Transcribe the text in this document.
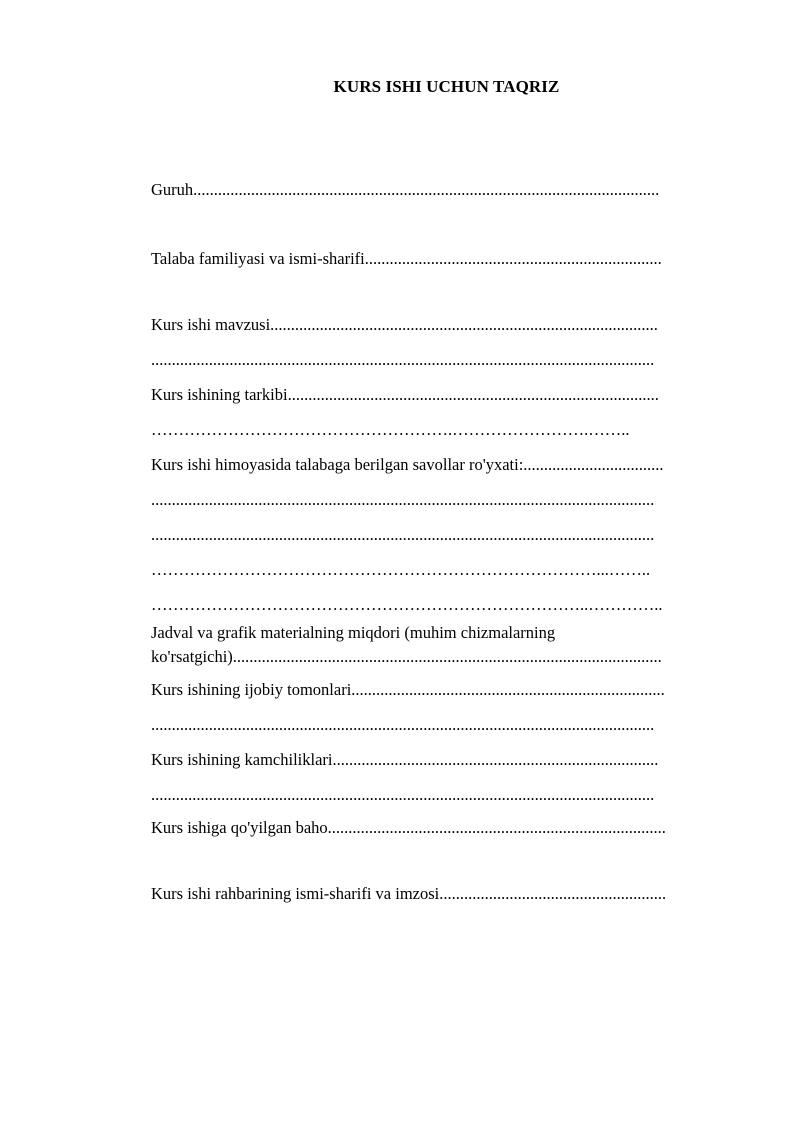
KURS ISHI UCHUN TAQRIZ
Guruh.................................................................................................................
Talaba familiyasi va ismi-sharifi........................................................................
Kurs ishi mavzusi..............................................................................................
..........................................................................................................................
Kurs ishining tarkibi..........................................................................................
……………………………………………….…………………….……..
Kurs ishi himoyasida talabaga berilgan savollar ro'yxati:..................................
..........................................................................................................................
..........................................................................................................................
………………………………………………………………………...……..
……………………………………………………………………..…………..
Jadval va grafik materialning miqdori (muhim chizmalarning
ko'rsatgichi)........................................................................................................
Kurs ishining ijobiy tomonlari............................................................................
..........................................................................................................................
Kurs ishining kamchiliklari...............................................................................
..........................................................................................................................
Kurs ishiga qo'yilgan baho..................................................................................
Kurs ishi rahbarining ismi-sharifi va imzosi.......................................................
